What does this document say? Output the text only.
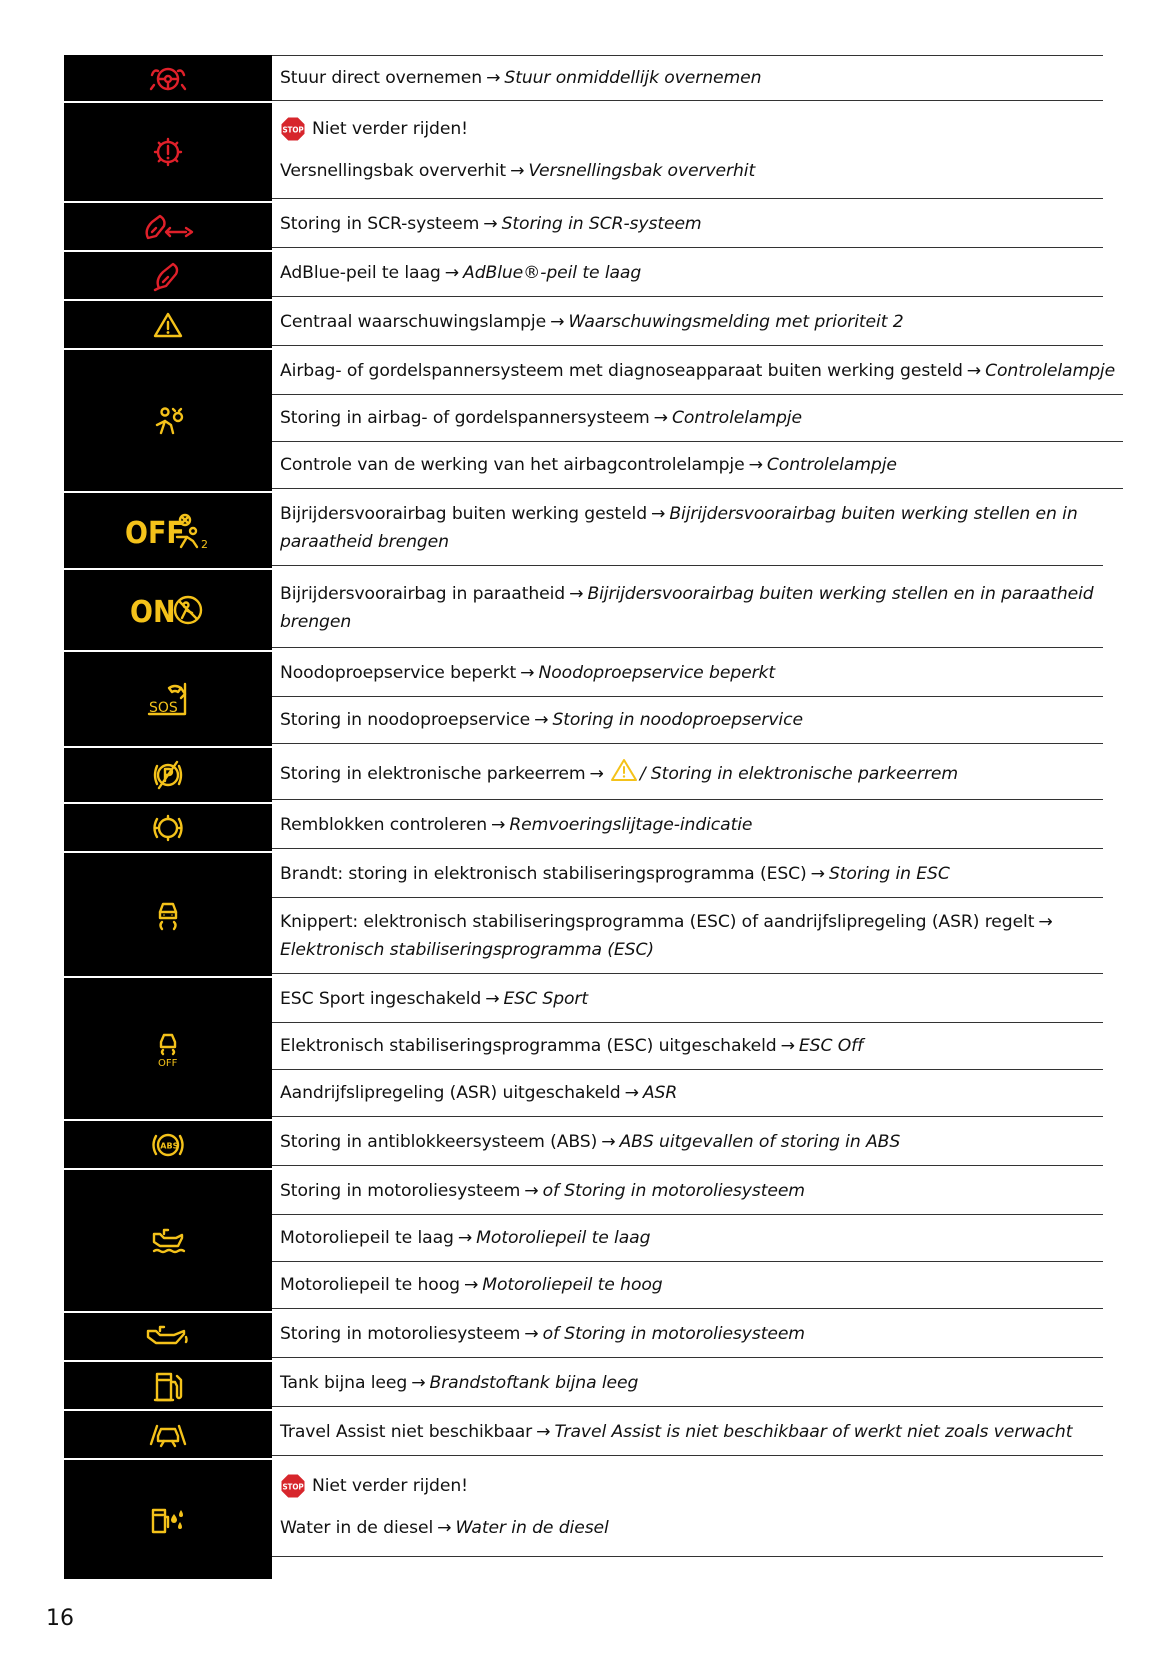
Stuur direct overnemen → Stuur onmiddellijk overnemen
STOP Niet verder rijden!
Versnellingsbak oververhit → Versnellingsbak oververhit
Storing in SCR-systeem → Storing in SCR-systeem
AdBlue-peil te laag → AdBlue®-peil te laag
Centraal waarschuwingslampje → Waarschuwingsmelding met prioriteit 2
Airbag- of gordelspannersysteem met diagnoseapparaat buiten werking gesteld → Controlelampje
Storing in airbag- of gordelspannersysteem → Controlelampje
Controle van de werking van het airbagcontrolelampje → Controlelampje
OFF 2
Bijrijdersvoorairbag buiten werking gesteld → Bijrijdersvoorairbag buiten werking stellen en in paraatheid brengen
ON
Bijrijdersvoorairbag in paraatheid → Bijrijdersvoorairbag buiten werking stellen en in paraatheid brengen
SOS
Noodoproepservice beperkt → Noodoproepservice beperkt
Storing in noodoproepservice → Storing in noodoproepservice
Storing in elektronische parkeerrem → / Storing in elektronische parkeerrem
Remblokken controleren → Remvoeringslijtage-indicatie
Brandt: storing in elektronisch stabiliseringsprogramma (ESC) → Storing in ESC
Knippert: elektronisch stabiliseringsprogramma (ESC) of aandrijfslipregeling (ASR) regelt →Elektronisch stabiliseringsprogramma (ESC)
OFF
ESC Sport ingeschakeld → ESC Sport
Elektronisch stabiliseringsprogramma (ESC) uitgeschakeld → ESC Off
Aandrijfslipregeling (ASR) uitgeschakeld → ASR
ABS	Storing in antiblokkeersysteem (ABS) → ABS uitgevallen of storing in ABS
Storing in motoroliesysteem → of Storing in motoroliesysteem
Motoroliepeil te laag → Motoroliepeil te laag
Motoroliepeil te hoog → Motoroliepeil te hoog
Storing in motoroliesysteem → of Storing in motoroliesysteem
Tank bijna leeg → Brandstoftank bijna leeg
Travel Assist niet beschikbaar → Travel Assist is niet beschikbaar of werkt niet zoals verwacht
STOP Niet verder rijden!
Water in de diesel → Water in de diesel
16
